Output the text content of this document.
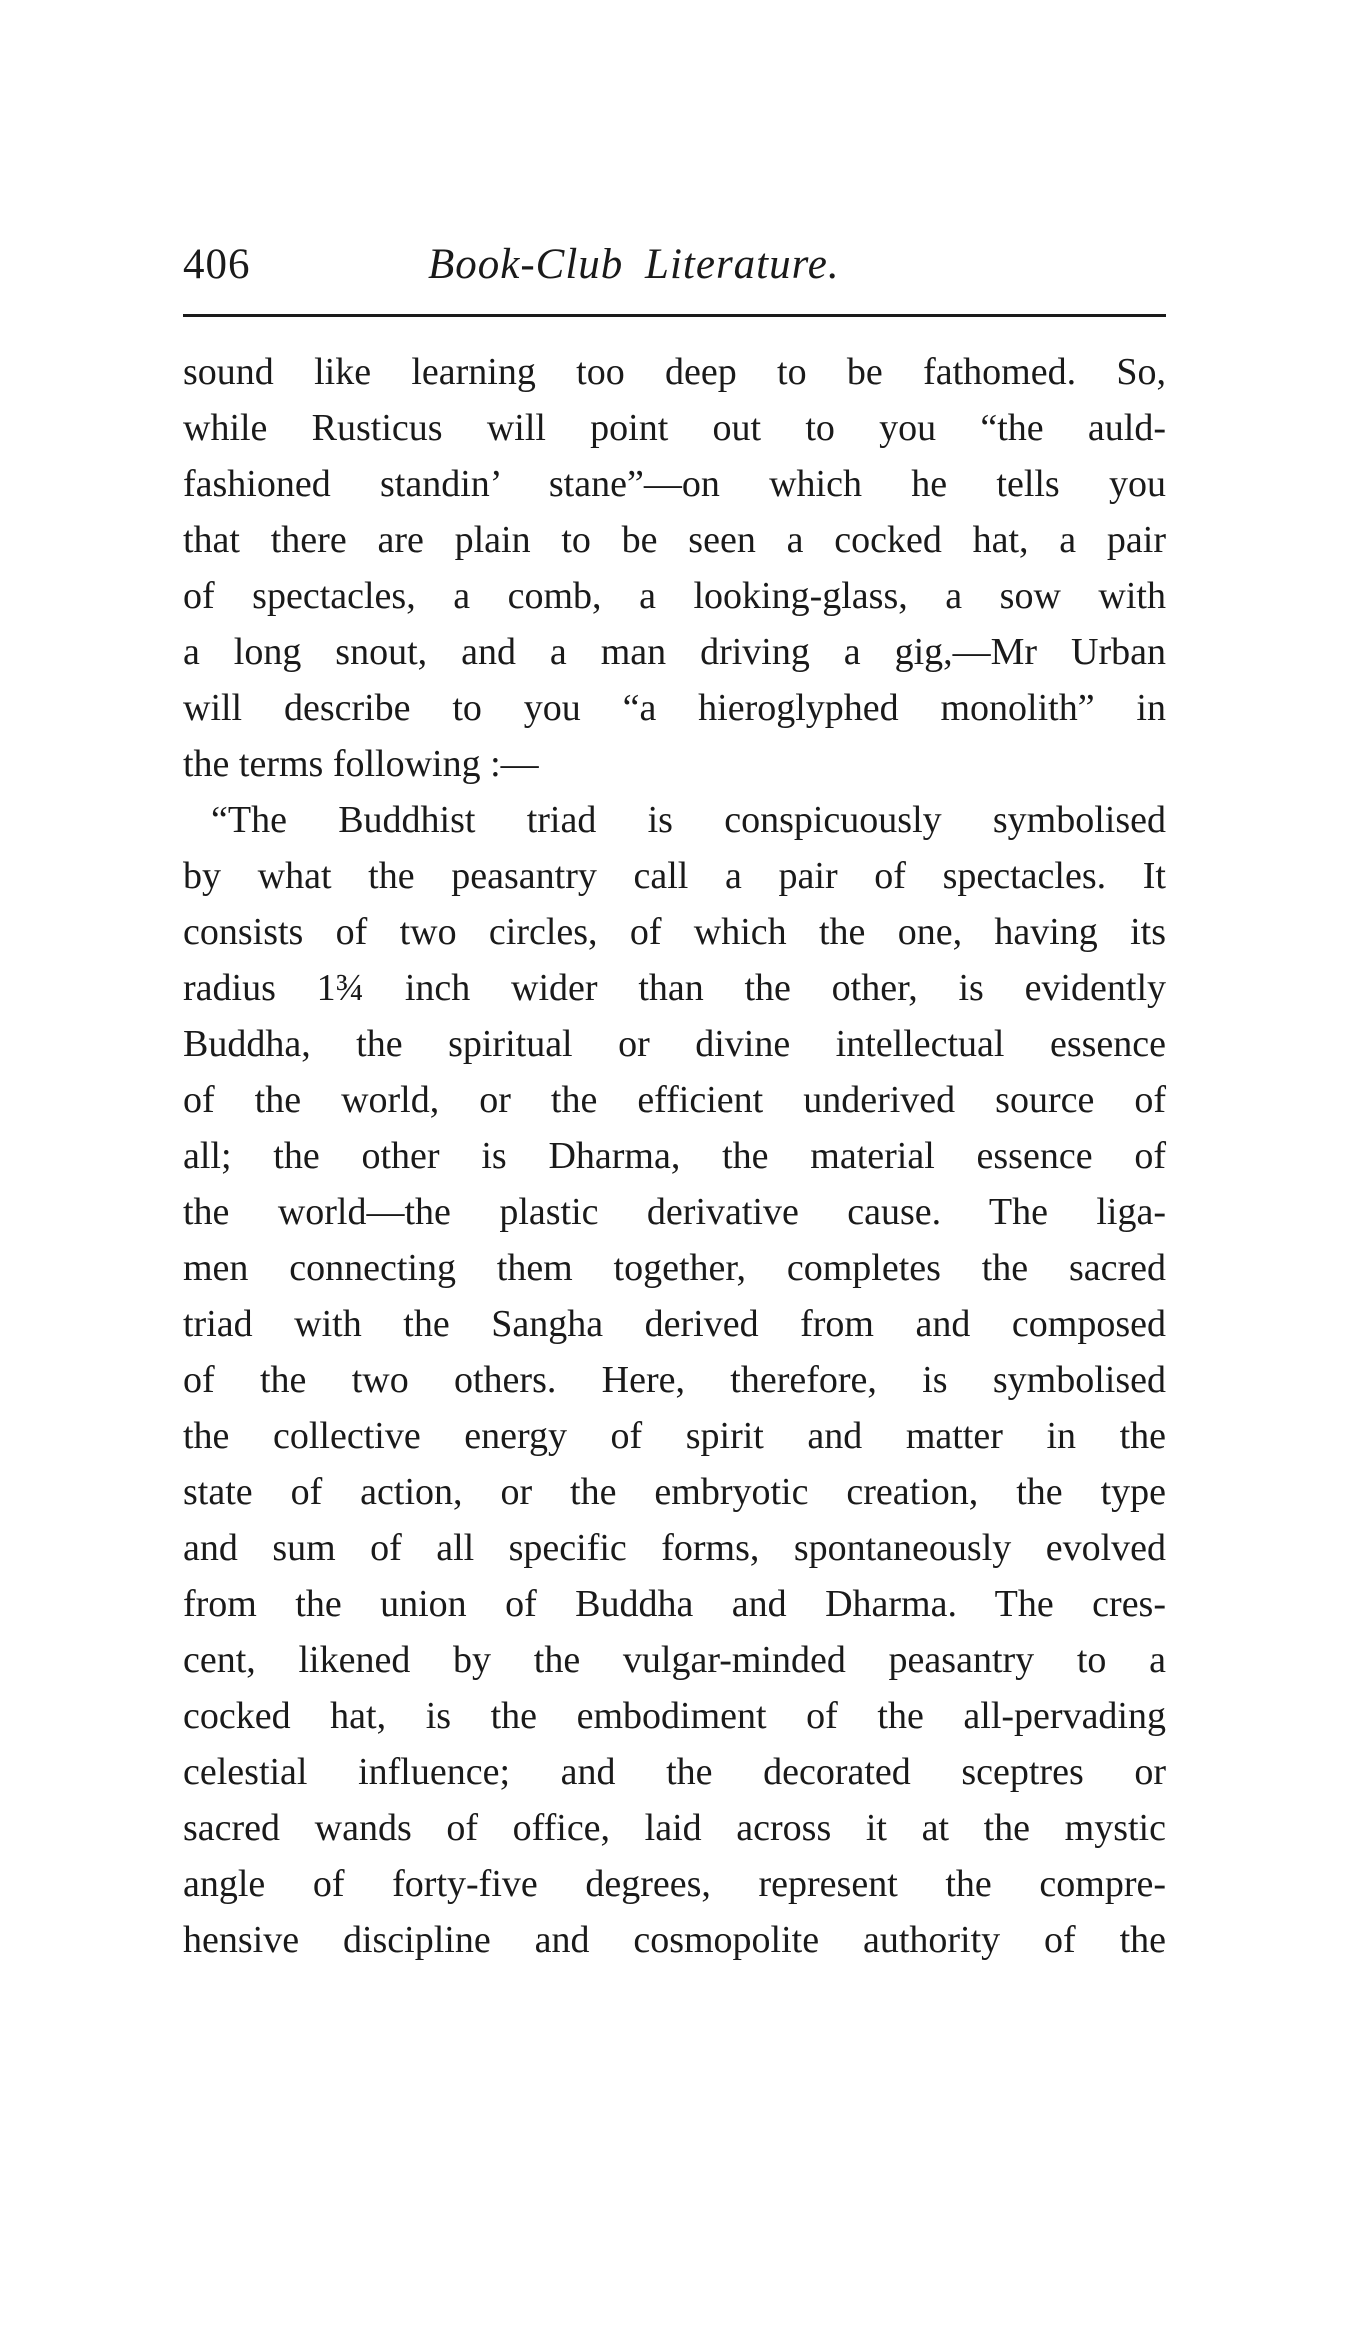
406	Book-Club Literature.
sound like learning too deep to be fathomed. So,
while Rusticus will point out to you “the auld-
fashioned standin’ stane”—on which he tells you
that there are plain to be seen a cocked hat, a pair
of spectacles, a comb, a looking-glass, a sow with
a long snout, and a man driving a gig,—Mr Urban
will describe to you “a hieroglyphed monolith” in
the terms following :—
“The Buddhist triad is conspicuously symbolised
by what the peasantry call a pair of spectacles. It
consists of two circles, of which the one, having its
radius 1¾ inch wider than the other, is evidently
Buddha, the spiritual or divine intellectual essence
of the world, or the efficient underived source of
all; the other is Dharma, the material essence of
the world—the plastic derivative cause. The liga-
men connecting them together, completes the sacred
triad with the Sangha derived from and composed
of the two others. Here, therefore, is symbolised
the collective energy of spirit and matter in the
state of action, or the embryotic creation, the type
and sum of all specific forms, spontaneously evolved
from the union of Buddha and Dharma. The cres-
cent, likened by the vulgar-minded peasantry to a
cocked hat, is the embodiment of the all-pervading
celestial influence; and the decorated sceptres or
sacred wands of office, laid across it at the mystic
angle of forty-five degrees, represent the compre-
hensive discipline and cosmopolite authority of the
